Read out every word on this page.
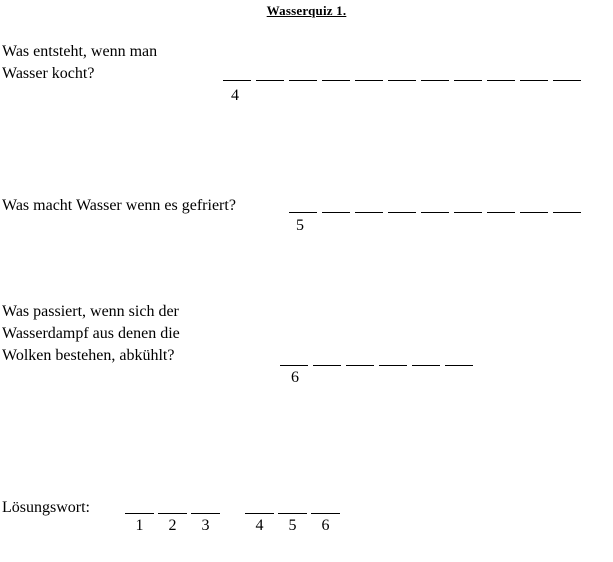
Wasserquiz 1.
Was entsteht, wenn man
Wasser kocht?
4
Was macht Wasser wenn es gefriert?
5
Was passiert, wenn sich der
Wasserdampf aus denen die
Wolken bestehen, abkühlt?
6
Lösungswort:
1 2 3	4 5 6
